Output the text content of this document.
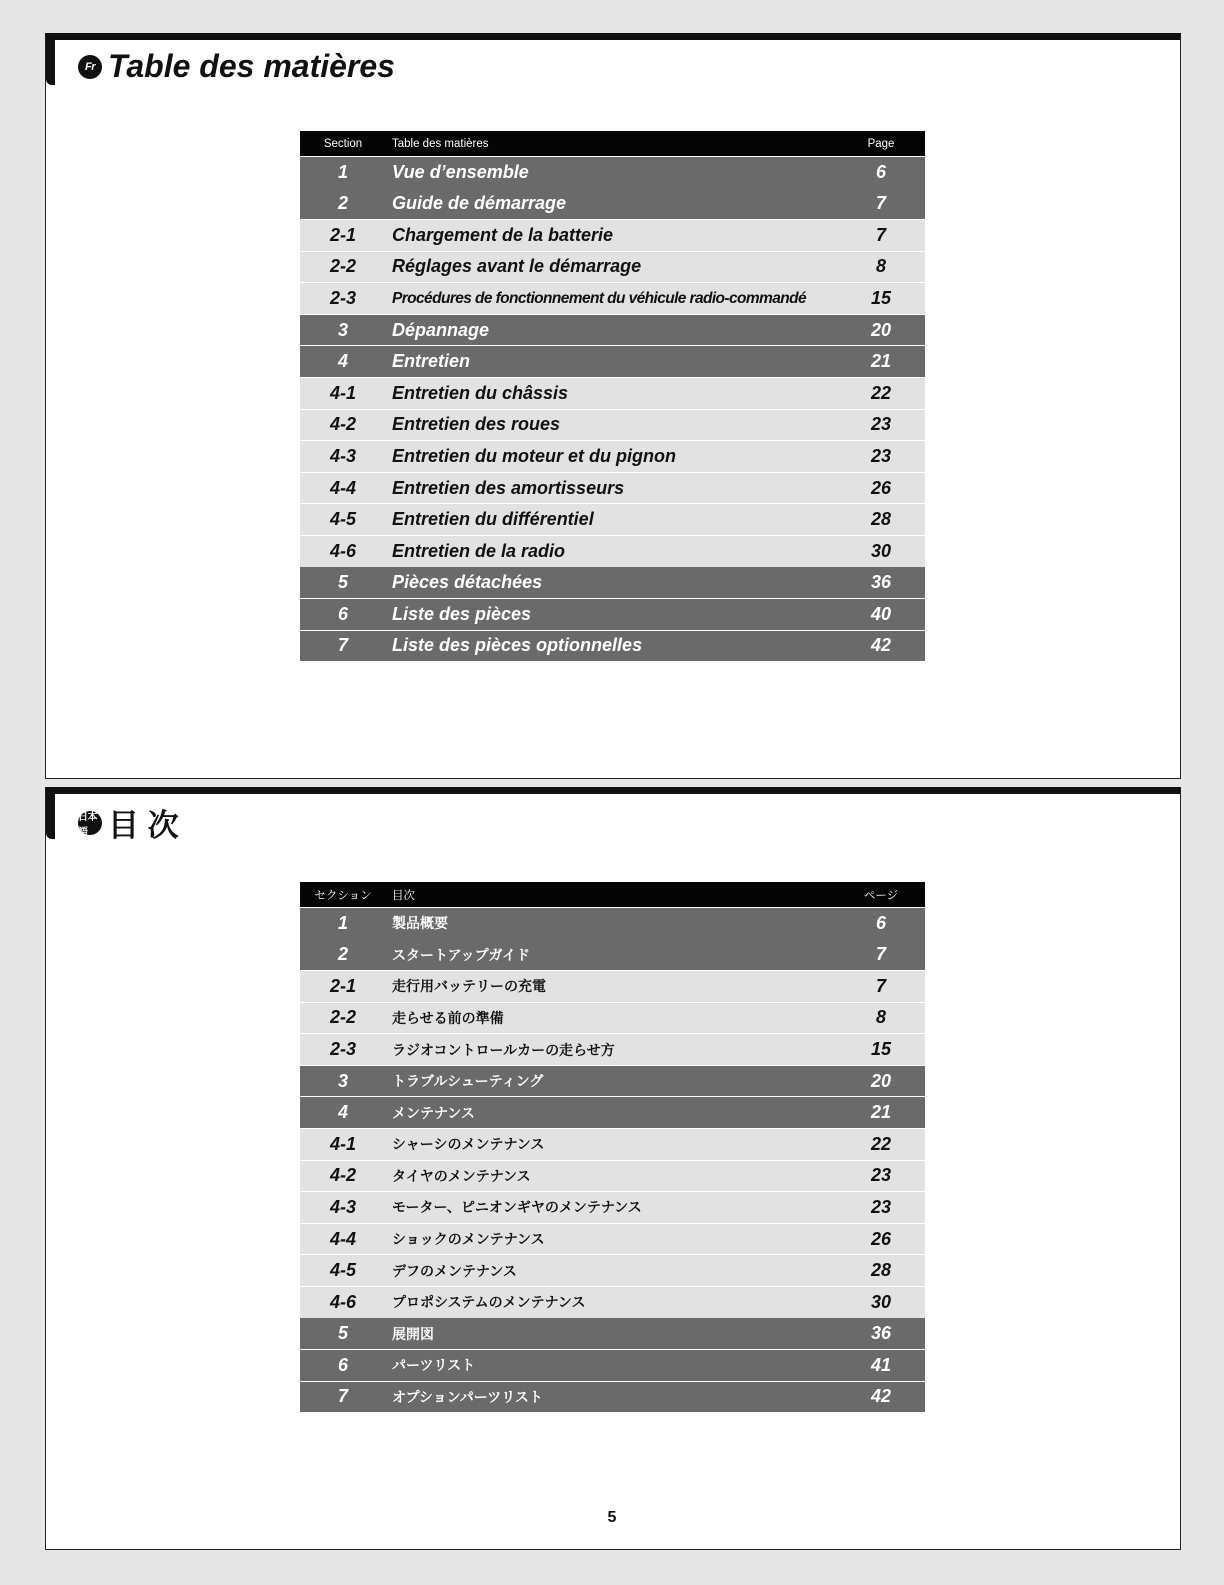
Fr Table des matières
Section	Table des matières	Page
1	Vue d’ensemble	6
2	Guide de démarrage	7
2-1	Chargement de la batterie	7
2-2	Réglages avant le démarrage	8
2-3	Procédures de fonctionnement du véhicule radio-commandé	15
3	Dépannage	20
4	Entretien	21
4-1	Entretien du châssis	22
4-2	Entretien des roues	23
4-3	Entretien du moteur et du pignon	23
4-4	Entretien des amortisseurs	26
4-5	Entretien du différentiel	28
4-6	Entretien de la radio	30
5	Pièces détachées	36
6	Liste des pièces	40
7	Liste des pièces optionnelles	42
日本語 目 次
セクション	目次	ページ
1	製品概要	6
2	スタートアップガイド	7
2-1	走行用バッテリーの充電	7
2-2	走らせる前の準備	8
2-3	ラジオコントロールカーの走らせ方	15
3	トラブルシューティング	20
4	メンテナンス	21
4-1	シャーシのメンテナンス	22
4-2	タイヤのメンテナンス	23
4-3	モーター、ピニオンギヤのメンテナンス	23
4-4	ショックのメンテナンス	26
4-5	デフのメンテナンス	28
4-6	プロポシステムのメンテナンス	30
5	展開図	36
6	パーツリスト	41
7	オプションパーツリスト	42
5
